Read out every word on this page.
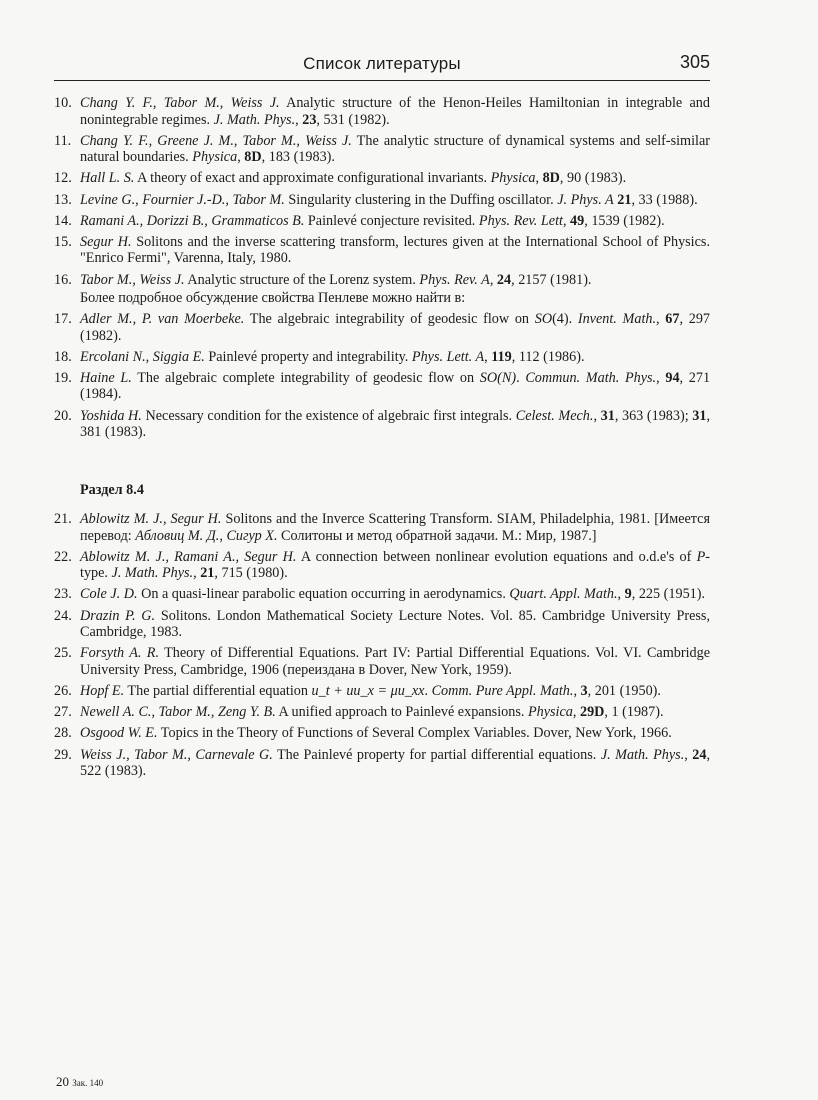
Список литературы	305
10. Chang Y. F., Tabor M., Weiss J. Analytic structure of the Henon-Heiles Hamiltonian in integrable and nonintegrable regimes. J. Math. Phys., 23, 531 (1982).
11. Chang Y. F., Greene J. M., Tabor M., Weiss J. The analytic structure of dynamical systems and self-similar natural boundaries. Physica, 8D, 183 (1983).
12. Hall L. S. A theory of exact and approximate configurational invariants. Physica, 8D, 90 (1983).
13. Levine G., Fournier J.-D., Tabor M. Singularity clustering in the Duffing oscillator. J. Phys. A 21, 33 (1988).
14. Ramani A., Dorizzi B., Grammaticos B. Painlevé conjecture revisited. Phys. Rev. Lett, 49, 1539 (1982).
15. Segur H. Solitons and the inverse scattering transform, lectures given at the International School of Physics. "Enrico Fermi", Varenna, Italy, 1980.
16. Tabor M., Weiss J. Analytic structure of the Lorenz system. Phys. Rev. A, 24, 2157 (1981).
Более подробное обсуждение свойства Пенлеве можно найти в:
17. Adler M., P. van Moerbeke. The algebraic integrability of geodesic flow on SO(4). Invent. Math., 67, 297 (1982).
18. Ercolani N., Siggia E. Painlevé property and integrability. Phys. Lett. A, 119, 112 (1986).
19. Haine L. The algebraic complete integrability of geodesic flow on SO(N). Commun. Math. Phys., 94, 271 (1984).
20. Yoshida H. Necessary condition for the existence of algebraic first integrals. Celest. Mech., 31, 363 (1983); 31, 381 (1983).
Раздел 8.4
21. Ablowitz M. J., Segur H. Solitons and the Inverce Scattering Transform. SIAM, Philadelphia, 1981. [Имеется перевод: Абловиц М. Д., Сигур Х. Солитоны и метод обратной задачи. М.: Мир, 1987.]
22. Ablowitz M. J., Ramani A., Segur H. A connection between nonlinear evolution equations and o.d.e's of P-type. J. Math. Phys., 21, 715 (1980).
23. Cole J. D. On a quasi-linear parabolic equation occurring in aerodynamics. Quart. Appl. Math., 9, 225 (1951).
24. Drazin P. G. Solitons. London Mathematical Society Lecture Notes. Vol. 85. Cambridge University Press, Cambridge, 1983.
25. Forsyth A. R. Theory of Differential Equations. Part IV: Partial Differential Equations. Vol. VI. Cambridge University Press, Cambridge, 1906 (переиздана в Dover, New York, 1959).
26. Hopf E. The partial differential equation u_t + uu_x = μu_xx. Comm. Pure Appl. Math., 3, 201 (1950).
27. Newell A. C., Tabor M., Zeng Y. B. A unified approach to Painlevé expansions. Physica, 29D, 1 (1987).
28. Osgood W. E. Topics in the Theory of Functions of Several Complex Variables. Dover, New York, 1966.
29. Weiss J., Tabor M., Carnevale G. The Painlevé property for partial differential equations. J. Math. Phys., 24, 522 (1983).
20 Зак. 140
